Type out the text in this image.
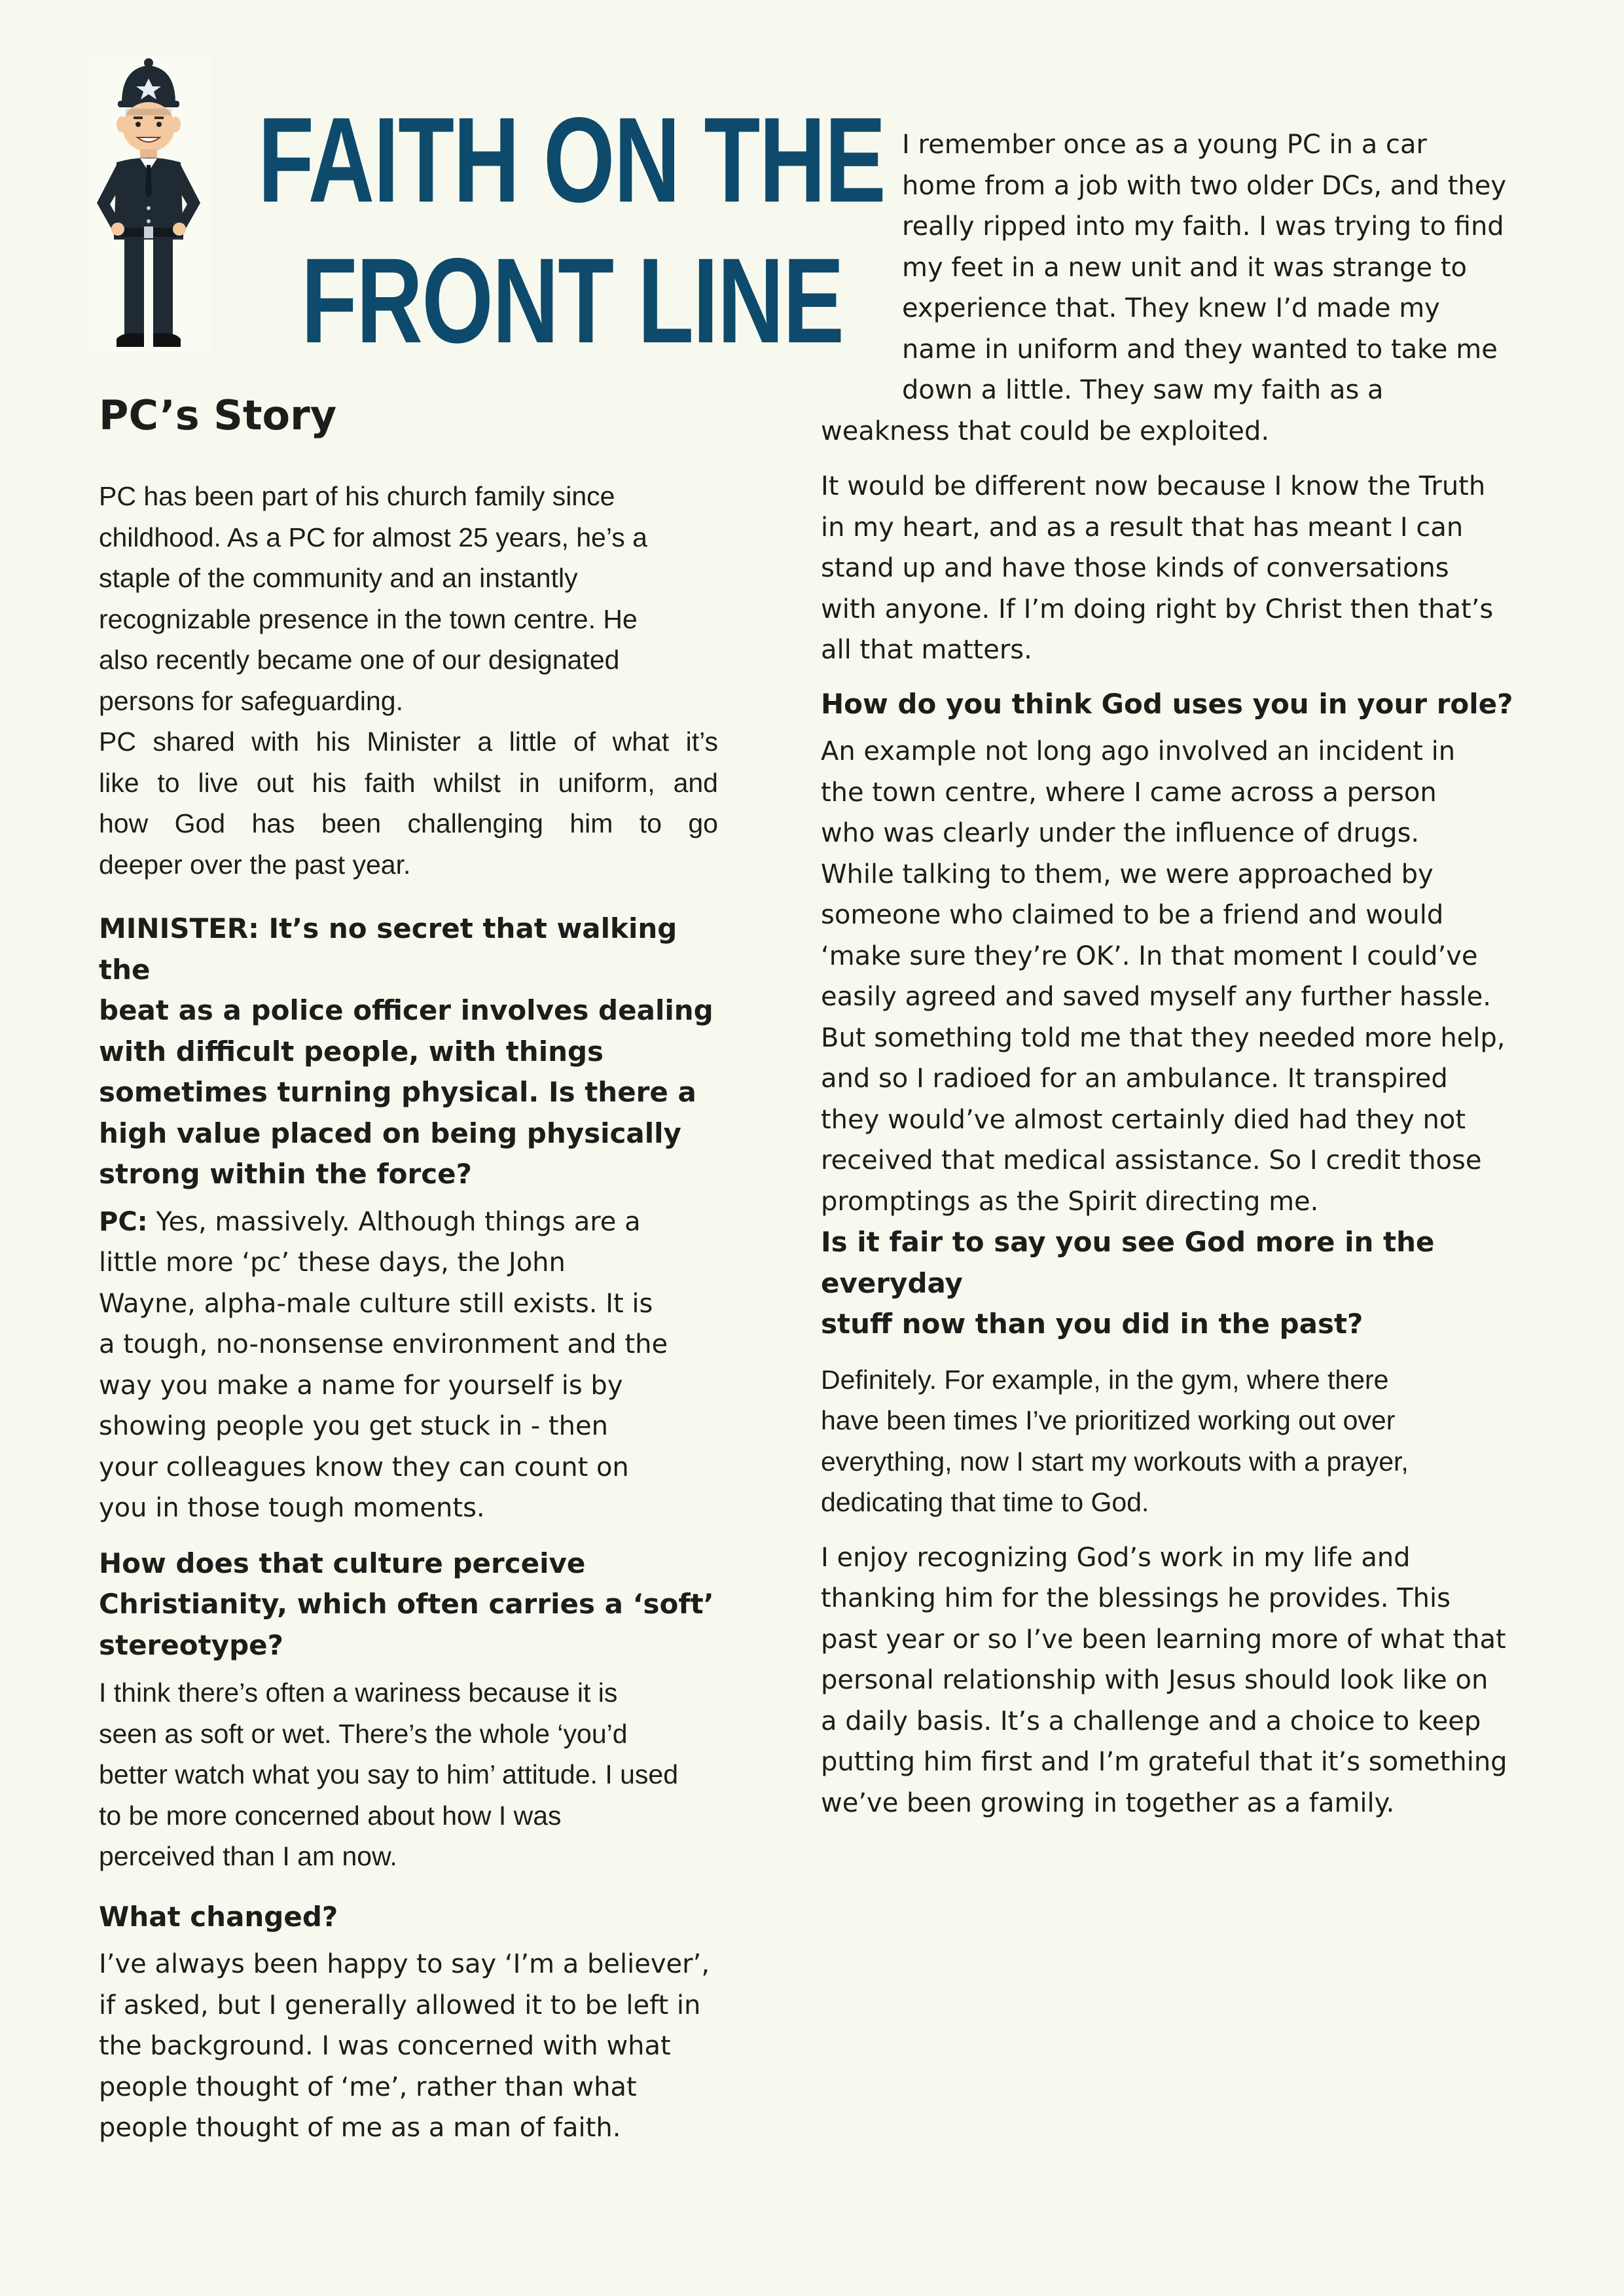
FAITH ON THE
FRONT LINE
PC’s Story
PC has been part of his church family since
childhood. As a PC for almost 25 years, he’s a
staple of the community and an instantly
recognizable presence in the town centre. He
also recently became one of our designated
persons for safeguarding.
PC shared with his Minister a little of what it’s
like to live out his faith whilst in uniform, and
how God has been challenging him to go
deeper over the past year.
MINISTER: It’s no secret that walking the
beat as a police officer involves dealing
with difficult people, with things
sometimes turning physical. Is there a
high value placed on being physically
strong within the force?
PC: Yes, massively. Although things are a
little more ‘pc’ these days, the John
Wayne, alpha-male culture still exists. It is
a tough, no-nonsense environment and the
way you make a name for yourself is by
showing people you get stuck in - then
your colleagues know they can count on
you in those tough moments.
How does that culture perceive
Christianity, which often carries a ‘soft’
stereotype?
I think there’s often a wariness because it is
seen as soft or wet. There’s the whole ‘you’d
better watch what you say to him’ attitude. I used
to be more concerned about how I was
perceived than I am now.
What changed?
I’ve always been happy to say ‘I’m a believer’,
if asked, but I generally allowed it to be left in
the background. I was concerned with what
people thought of ‘me’, rather than what
people thought of me as a man of faith.
I remember once as a young PC in a car
home from a job with two older DCs, and they
really ripped into my faith. I was trying to find
my feet in a new unit and it was strange to
experience that. They knew I’d made my
name in uniform and they wanted to take me
down a little. They saw my faith as a
weakness that could be exploited.
It would be different now because I know the Truth
in my heart, and as a result that has meant I can
stand up and have those kinds of conversations
with anyone. If I’m doing right by Christ then that’s
all that matters.
How do you think God uses you in your role?
An example not long ago involved an incident in
the town centre, where I came across a person
who was clearly under the influence of drugs.
While talking to them, we were approached by
someone who claimed to be a friend and would
‘make sure they’re OK’. In that moment I could’ve
easily agreed and saved myself any further hassle.
But something told me that they needed more help,
and so I radioed for an ambulance. It transpired
they would’ve almost certainly died had they not
received that medical assistance. So I credit those
promptings as the Spirit directing me.
Is it fair to say you see God more in the everyday
stuff now than you did in the past?
Definitely. For example, in the gym, where there
have been times I’ve prioritized working out over
everything, now I start my workouts with a prayer,
dedicating that time to God.
I enjoy recognizing God’s work in my life and
thanking him for the blessings he provides. This
past year or so I’ve been learning more of what that
personal relationship with Jesus should look like on
a daily basis. It’s a challenge and a choice to keep
putting him first and I’m grateful that it’s something
we’ve been growing in together as a family.
